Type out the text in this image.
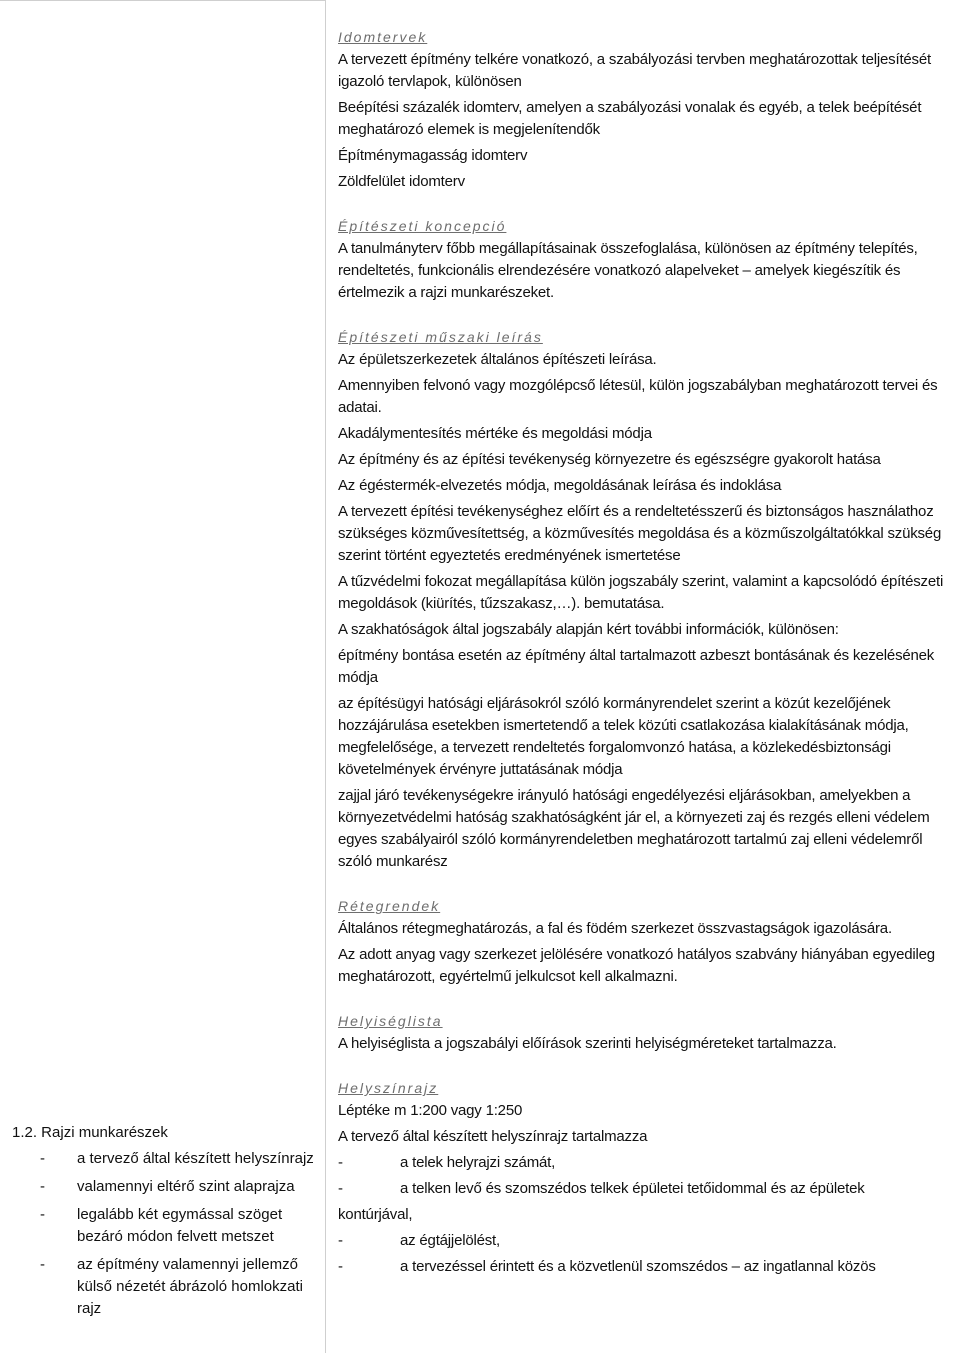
1.2. Rajzi munkarészek
- a tervező által készített helyszínrajz
- valamennyi eltérő szint alaprajza
- legalább két egymással szöget bezáró módon felvett metszet
- az építmény valamennyi jellemző külső nézetét ábrázoló homlokzati rajz
Idomtervek
A tervezett építmény telkére vonatkozó, a szabályozási tervben meghatározottak teljesítését igazoló tervlapok, különösen
Beépítési százalék idomterv, amelyen a szabályozási vonalak és egyéb, a telek beépítését meghatározó elemek is megjelenítendők
Építménymagasság idomterv
Zöldfelület idomterv
Építészeti koncepció
A tanulmányterv főbb megállapításainak összefoglalása, különösen az építmény telepítés, rendeltetés, funkcionális elrendezésére vonatkozó alapelveket – amelyek kiegészítik és értelmezik a rajzi munkarészeket.
Építészeti műszaki leírás
Az épületszerkezetek általános építészeti leírása.
Amennyiben felvonó vagy mozgólépcső létesül, külön jogszabályban meghatározott tervei és adatai.
Akadálymentesítés mértéke és megoldási módja
Az építmény és az építési tevékenység környezetre és egészségre gyakorolt hatása
Az égéstermék-elvezetés módja, megoldásának leírása és indoklása
A tervezett építési tevékenységhez előírt és a rendeltetésszerű és biztonságos használathoz szükséges közművesítettség, a közművesítés megoldása és a közműszolgáltatókkal szükség szerint történt egyeztetés eredményének ismertetése
A tűzvédelmi fokozat megállapítása külön jogszabály szerint, valamint a kapcsolódó építészeti megoldások (kiürítés, tűzszakasz,…). bemutatása.
A szakhatóságok által jogszabály alapján kért további információk, különösen:
építmény bontása esetén az építmény által tartalmazott azbeszt bontásának és kezelésének módja
az építésügyi hatósági eljárásokról szóló kormányrendelet szerint a közút kezelőjének hozzájárulása esetekben ismertetendő a telek közúti csatlakozása kialakításának módja, megfelelősége, a tervezett rendeltetés forgalomvonzó hatása, a közlekedésbiztonsági követelmények érvényre juttatásának módja
zajjal járó tevékenységekre irányuló hatósági engedélyezési eljárásokban, amelyekben a környezetvédelmi hatóság szakhatóságként jár el, a környezeti zaj és rezgés elleni védelem egyes szabályairól szóló kormányrendeletben meghatározott tartalmú zaj elleni védelemről szóló munkarész
Rétegrendek
Általános rétegmeghatározás, a fal és födém szerkezet összvastagságok igazolására.
Az adott anyag vagy szerkezet jelölésére vonatkozó hatályos szabvány hiányában egyedileg meghatározott, egyértelmű jelkulcsot kell alkalmazni.
Helyiséglista
A helyiséglista a jogszabályi előírások szerinti helyiségméreteket tartalmazza.
Helyszínrajz
Léptéke m 1:200 vagy 1:250
A tervező által készített helyszínrajz tartalmazza
-	a telek helyrajzi számát,
-	a telken levő és szomszédos telkek épületei tetőidommal és az épületek
kontúrjával,
-	az égtájjelölést,
-	a tervezéssel érintett és a közvetlenül szomszédos – az ingatlannal közös
